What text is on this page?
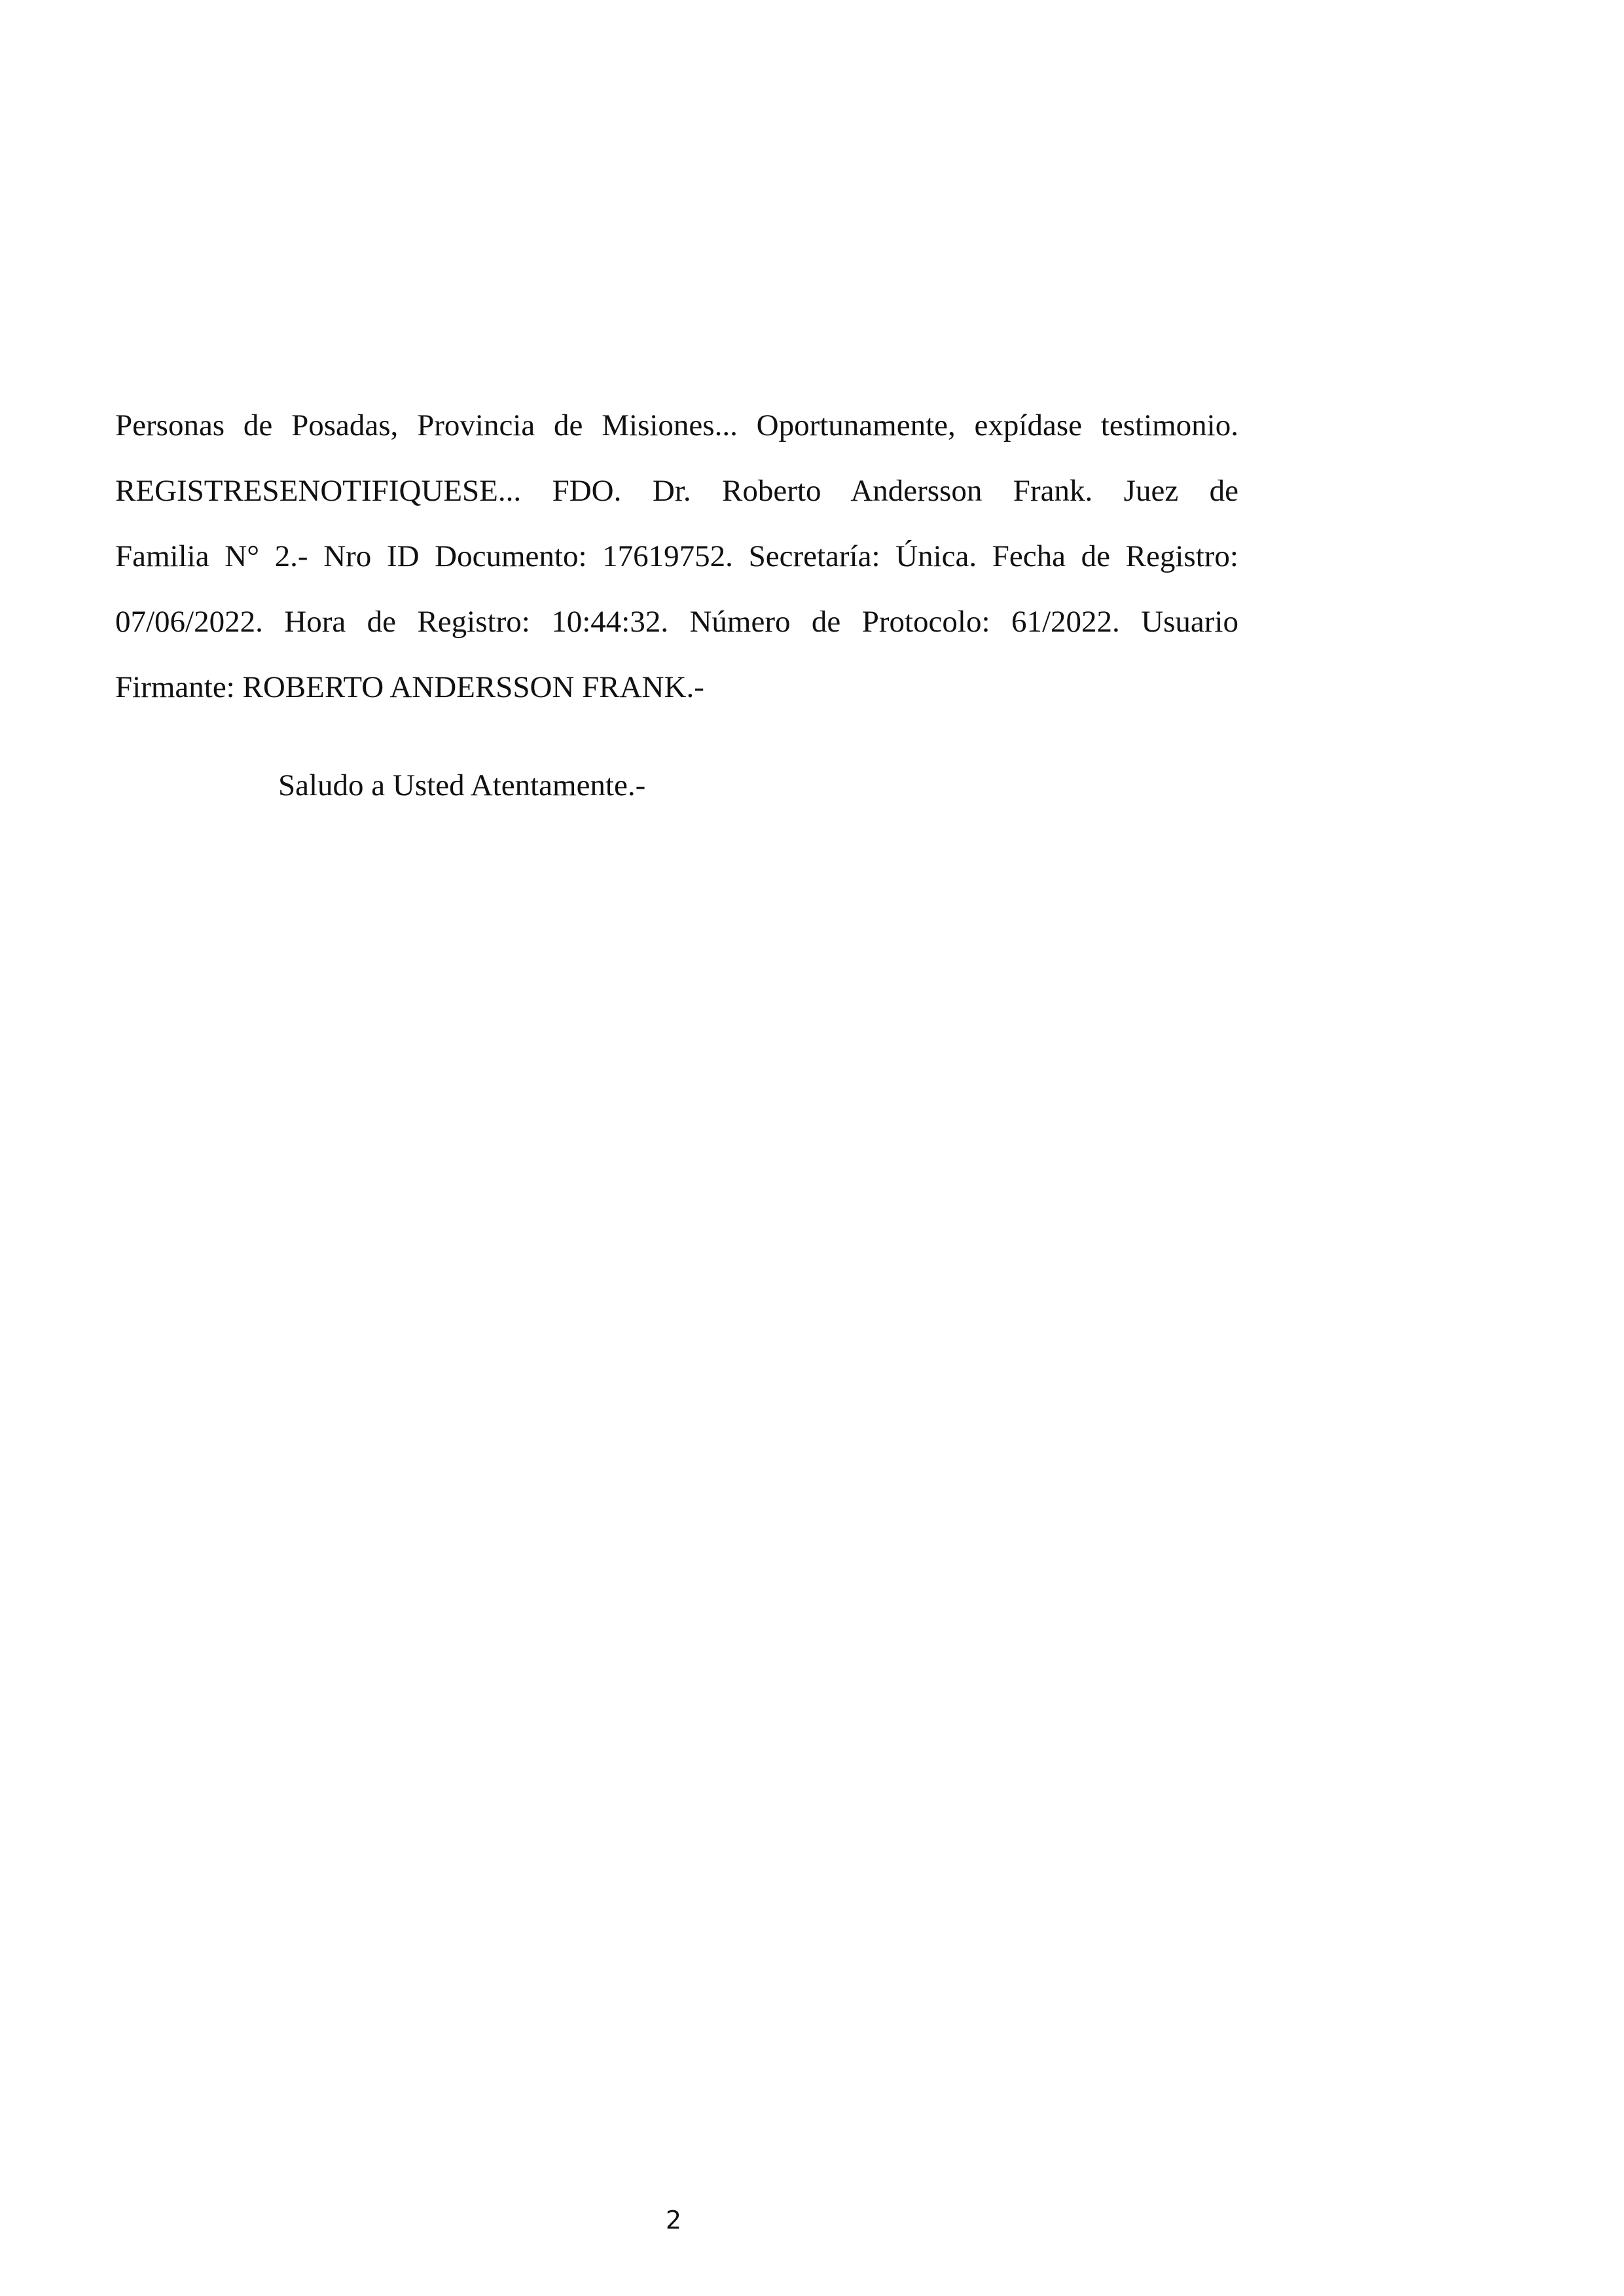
Personas de Posadas, Provincia de Misiones... Oportunamente, expídase testimonio.
REGISTRESENOTIFIQUESE... FDO. Dr. Roberto Andersson Frank. Juez de
Familia N° 2.- Nro ID Documento: 17619752. Secretaría: Única. Fecha de Registro:
07/06/2022. Hora de Registro: 10:44:32. Número de Protocolo: 61/2022. Usuario
Firmante: ROBERTO ANDERSSON FRANK.-

Saludo a Usted Atentamente.-

2
